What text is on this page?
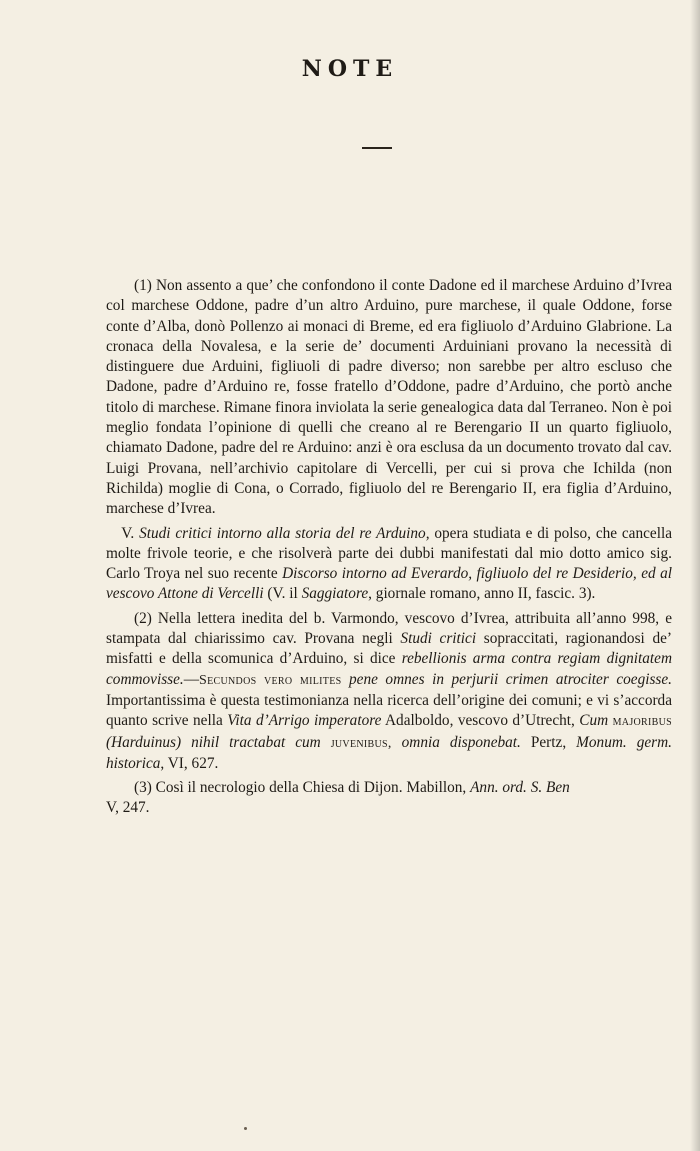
NOTE

(1) Non assento a que’ che confondono il conte Dadone ed il marchese Arduino d’Ivrea col marchese Oddone, padre d’un altro Arduino, pure marchese, il quale Oddone, forse conte d’Alba, donò Pollenzo ai monaci di Breme, ed era figliuolo d’Arduino Glabrione. La cronaca della Novalesa, e la serie de’ documenti Arduiniani provano la necessità di distinguere due Arduini, figliuoli di padre diverso; non sarebbe per altro escluso che Dadone, padre d’Arduino re, fosse fratello d’Oddone, padre d’Arduino, che portò anche titolo di marchese. Rimane finora inviolata la serie genealogica data dal Terraneo. Non è poi meglio fondata l’opinione di quelli che creano al re Berengario II un quarto figliuolo, chiamato Dadone, padre del re Arduino: anzi è ora esclusa da un documento trovato dal cav. Luigi Provana, nell’archivio capitolare di Vercelli, per cui si prova che Ichilda (non Richilda) moglie di Cona, o Corrado, figliuolo del re Berengario II, era figlia d’Arduino, marchese d’Ivrea.

 V. Studi critici intorno alla storia del re Arduino, opera studiata e di polso, che cancella molte frivole teorie, e che risolverà parte dei dubbi manifestati dal mio dotto amico sig. Carlo Troya nel suo recente Discorso intorno ad Everardo, figliuolo del re Desiderio, ed al vescovo Attone di Vercelli (V. il Saggiatore, giornale romano, anno II, fascic. 3).

(2) Nella lettera inedita del b. Varmondo, vescovo d’Ivrea, attribuita all’anno 998, e stampata dal chiarissimo cav. Provana negli Studi critici sopraccitati, ragionandosi de’ misfatti e della scomunica d’Arduino, si dice rebellionis arma contra regiam dignitatem commovisse.—Secundos vero milites pene omnes in perjurii crimen atrociter coegisse. Importantissima è questa testimonianza nella ricerca dell’origine dei comuni; e vi s’accorda quanto scrive nella Vita d’Arrigo imperatore Adalboldo, vescovo d’Utrecht, Cum majoribus (Harduinus) nihil tractabat cum juvenibus, omnia disponebat. Pertz, Monum. germ. historica, VI, 627.

(3) Così il necrologio della Chiesa di Dijon. Mabillon, Ann. ord. S. Ben
V, 247.
